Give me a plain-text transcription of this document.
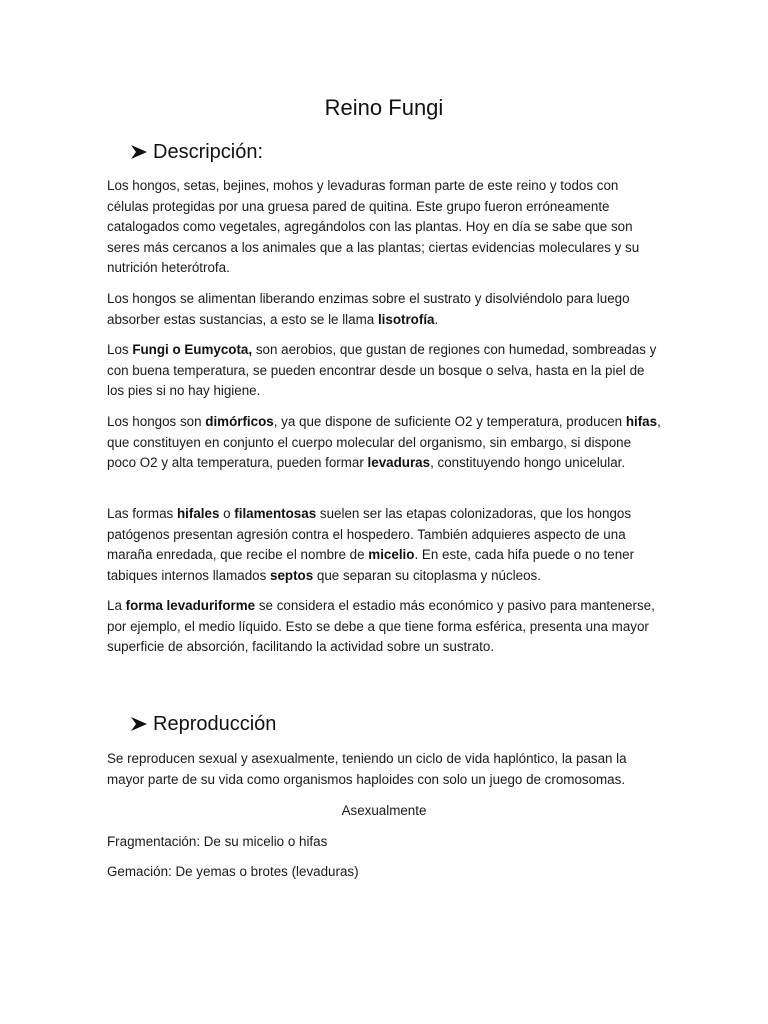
Reino Fungi
Descripción:

Los hongos, setas, bejines, mohos y levaduras forman parte de este reino y todos con células protegidas por una gruesa pared de quitina. Este grupo fueron erróneamente catalogados como vegetales, agregándolos con las plantas. Hoy en día se sabe que son seres más cercanos a los animales que a las plantas; ciertas evidencias moleculares y su nutrición heterótrofa.

Los hongos se alimentan liberando enzimas sobre el sustrato y disolviéndolo para luego absorber estas sustancias, a esto se le llama lisotrofía.

Los Fungi o Eumycota, son aerobios, que gustan de regiones con humedad, sombreadas y con buena temperatura, se pueden encontrar desde un bosque o selva, hasta en la piel de los pies si no hay higiene.

Los hongos son dimórficos, ya que dispone de suficiente O2 y temperatura, producen hifas, que constituyen en conjunto el cuerpo molecular del organismo, sin embargo, si dispone poco O2 y alta temperatura, pueden formar levaduras, constituyendo hongo unicelular.

Las formas hifales o filamentosas suelen ser las etapas colonizadoras, que los hongos patógenos presentan agresión contra el hospedero. También adquieres aspecto de una maraña enredada, que recibe el nombre de micelio. En este, cada hifa puede o no tener tabiques internos llamados septos que separan su citoplasma y núcleos.

La forma levaduriforme se considera el estadio más económico y pasivo para mantenerse, por ejemplo, el medio líquido. Esto se debe a que tiene forma esférica, presenta una mayor superficie de absorción, facilitando la actividad sobre un sustrato.

Reproducción

Se reproducen sexual y asexualmente, teniendo un ciclo de vida haplóntico, la pasan la mayor parte de su vida como organismos haploides con solo un juego de cromosomas.

Asexualmente
Fragmentación: De su micelio o hifas
Gemación: De yemas o brotes (levaduras)
